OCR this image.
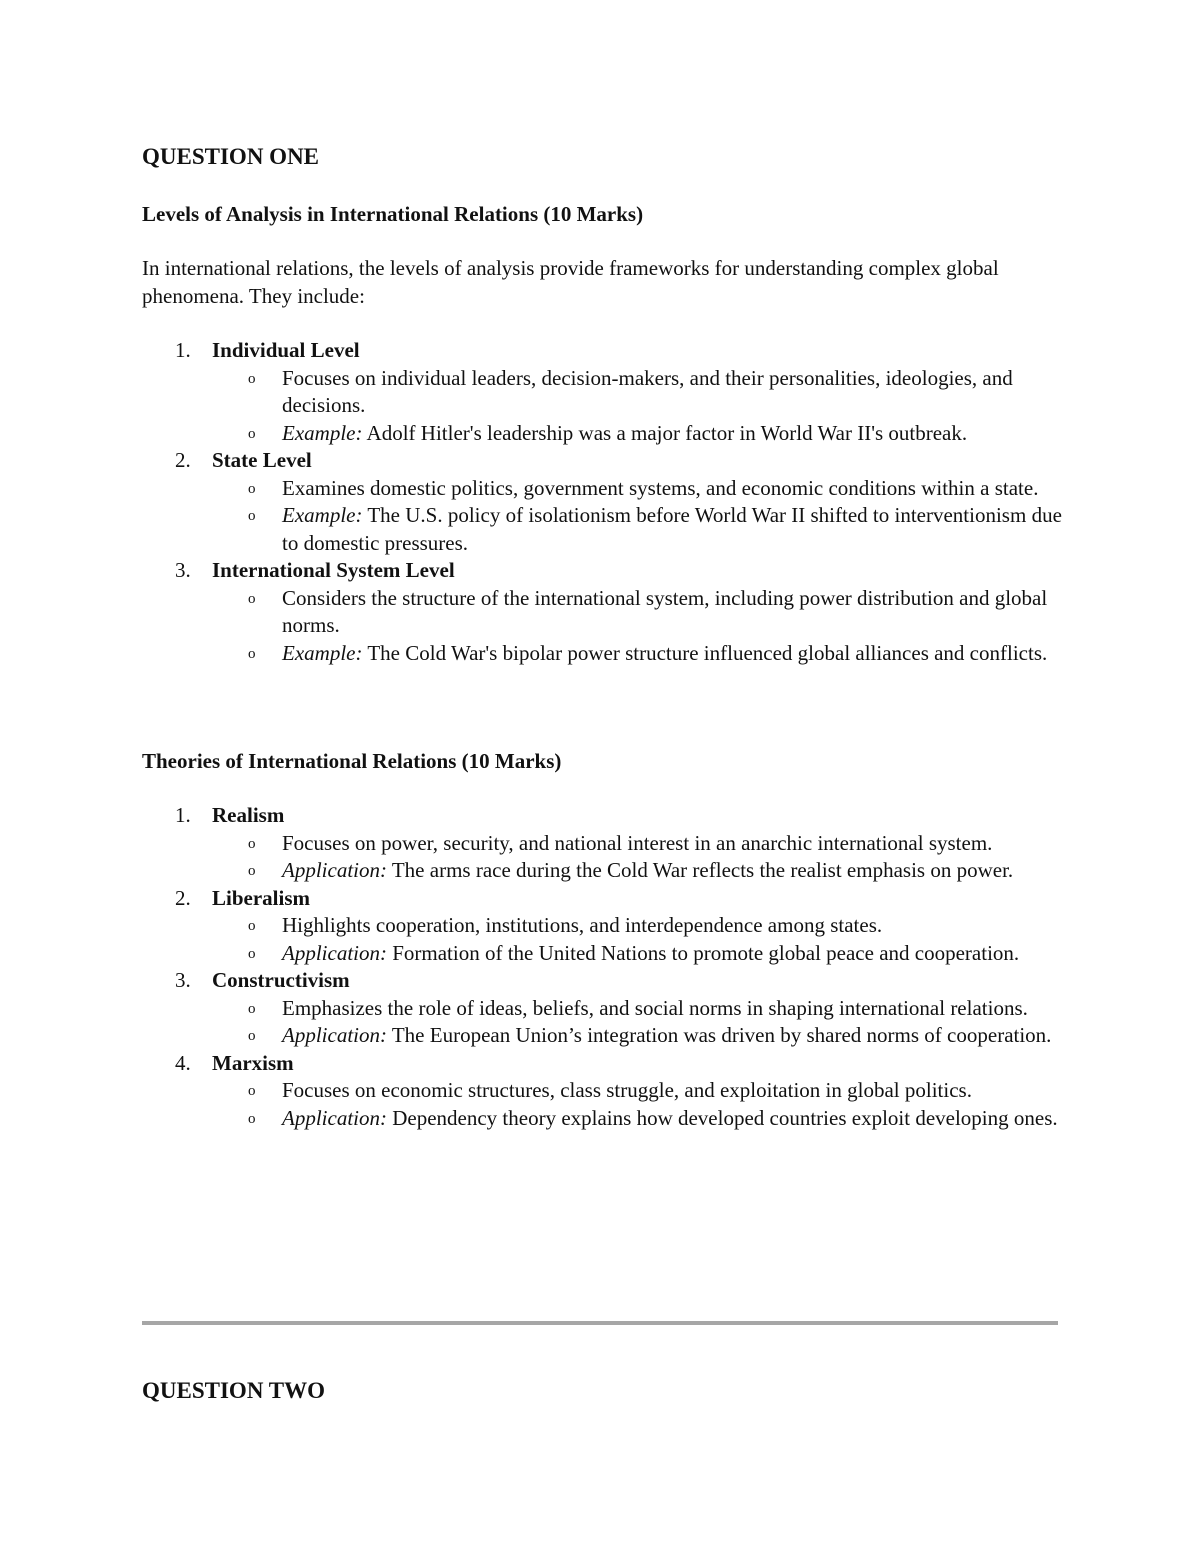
QUESTION ONE
Levels of Analysis in International Relations (10 Marks)
In international relations, the levels of analysis provide frameworks for understanding complex global phenomena. They include:
1. Individual Level
o Focuses on individual leaders, decision-makers, and their personalities, ideologies, and decisions.
o Example: Adolf Hitler's leadership was a major factor in World War II's outbreak.
2. State Level
o Examines domestic politics, government systems, and economic conditions within a state.
o Example: The U.S. policy of isolationism before World War II shifted to interventionism due to domestic pressures.
3. International System Level
o Considers the structure of the international system, including power distribution and global norms.
o Example: The Cold War's bipolar power structure influenced global alliances and conflicts.
Theories of International Relations (10 Marks)
1. Realism
o Focuses on power, security, and national interest in an anarchic international system.
o Application: The arms race during the Cold War reflects the realist emphasis on power.
2. Liberalism
o Highlights cooperation, institutions, and interdependence among states.
o Application: Formation of the United Nations to promote global peace and cooperation.
3. Constructivism
o Emphasizes the role of ideas, beliefs, and social norms in shaping international relations.
o Application: The European Union’s integration was driven by shared norms of cooperation.
4. Marxism
o Focuses on economic structures, class struggle, and exploitation in global politics.
o Application: Dependency theory explains how developed countries exploit developing ones.
QUESTION TWO
